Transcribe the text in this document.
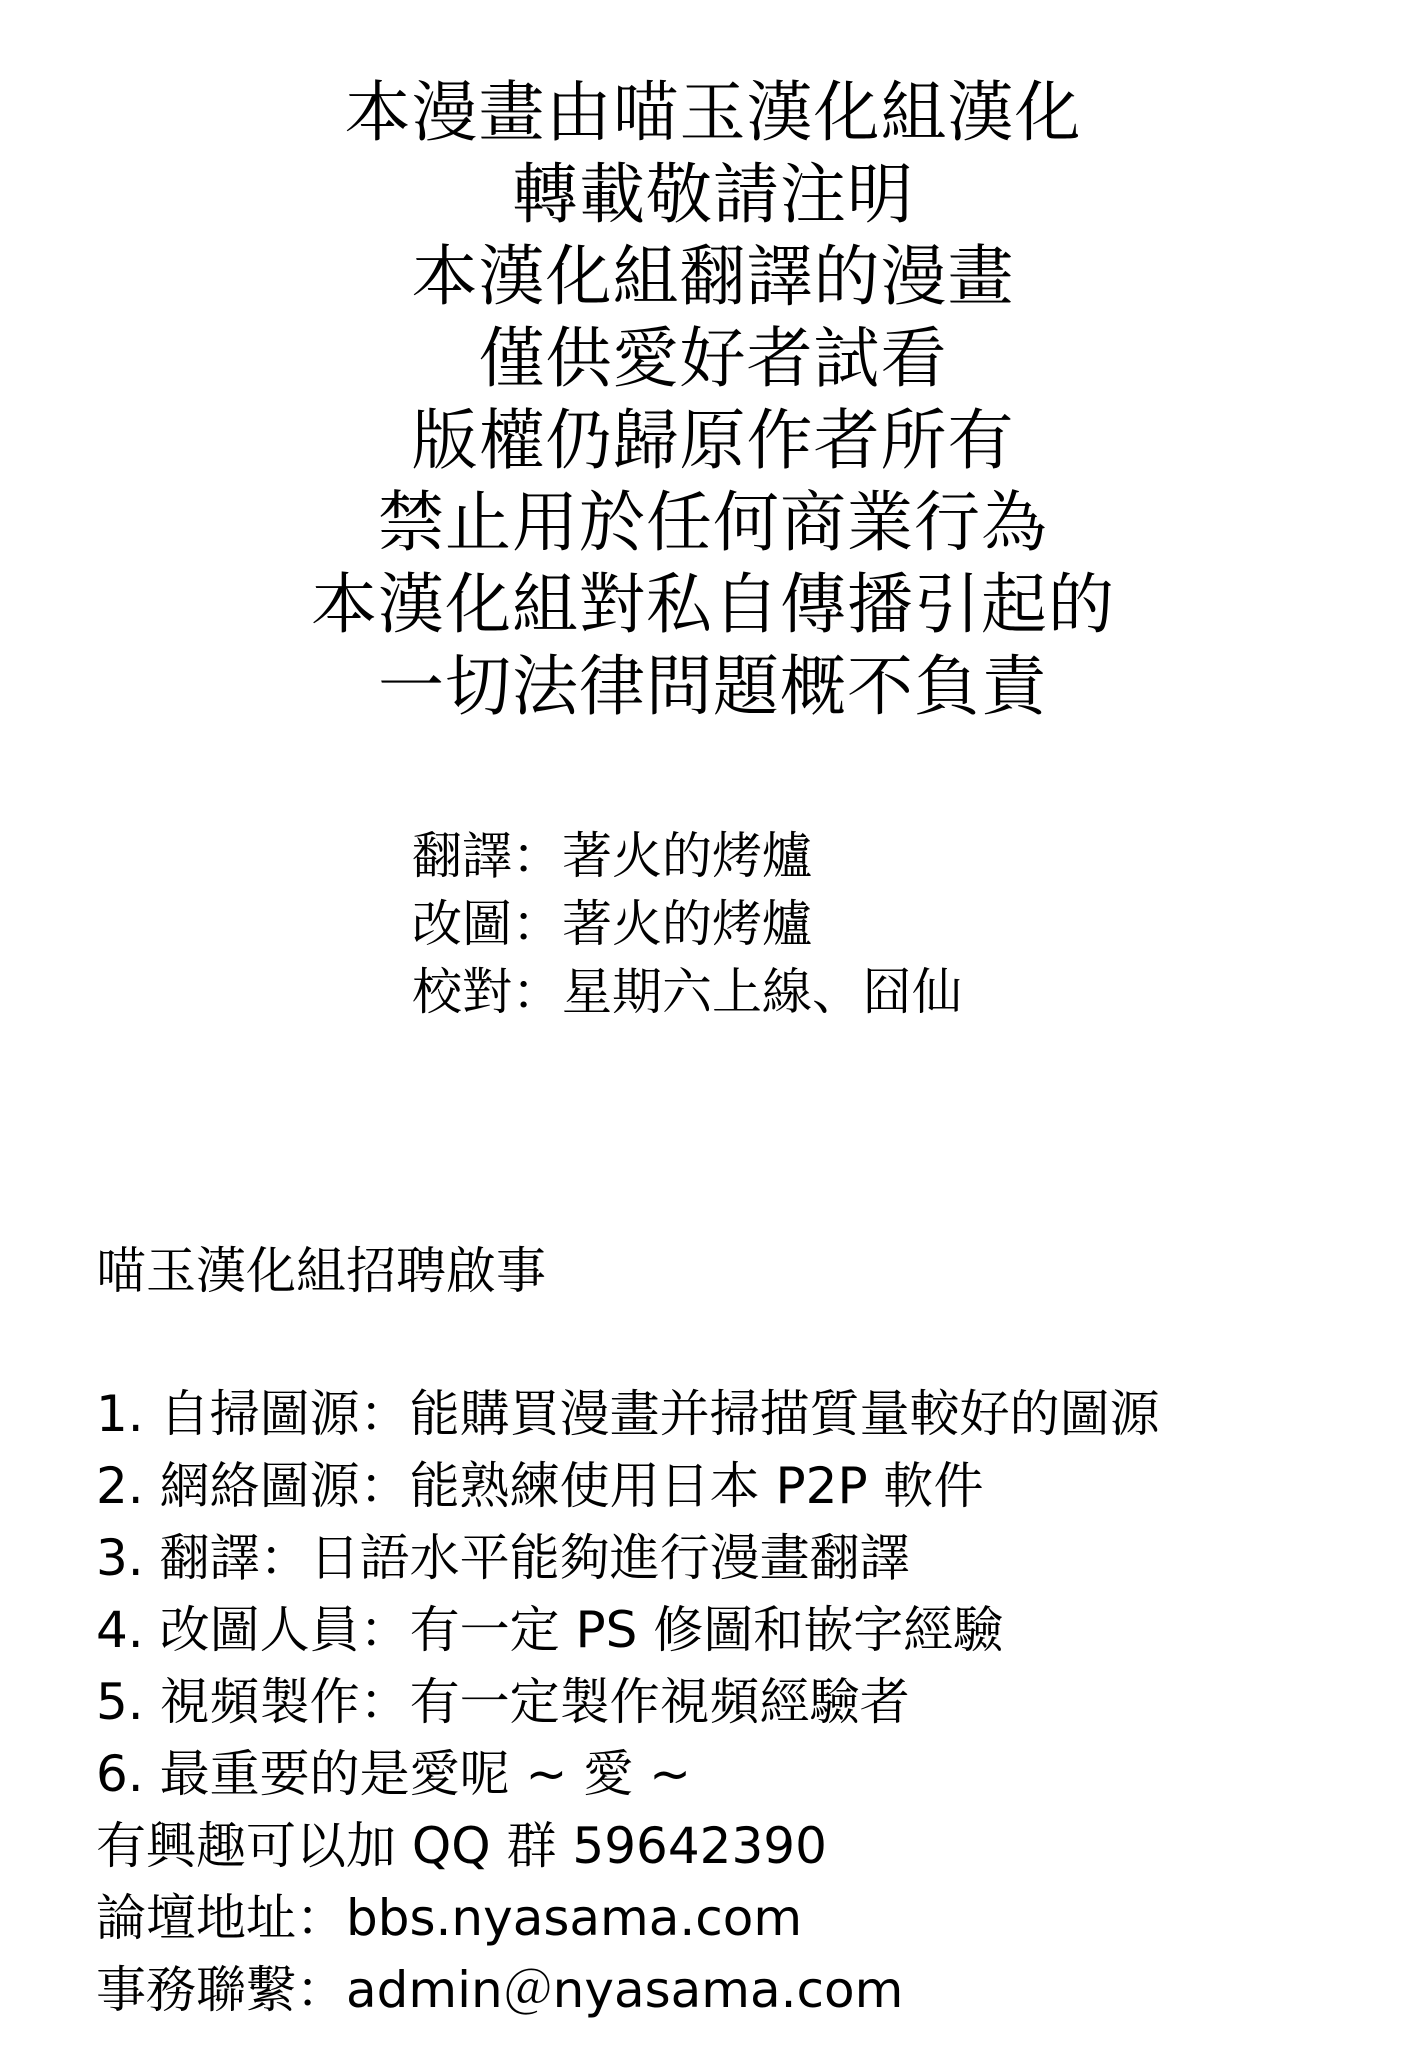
本漫畫由喵玉漢化組漢化
轉載敬請注明
本漢化組翻譯的漫畫
僅供愛好者試看
版權仍歸原作者所有
禁止用於任何商業行為
本漢化組對私自傳播引起的
一切法律問題概不負責
翻譯：著火的烤爐
改圖：著火的烤爐
校對：星期六上線、囧仙
喵玉漢化組招聘啟事
1. 自掃圖源：能購買漫畫并掃描質量較好的圖源
2. 網絡圖源：能熟練使用日本 P2P 軟件
3. 翻譯：日語水平能夠進行漫畫翻譯
4. 改圖人員：有一定 PS 修圖和嵌字經驗
5. 視頻製作：有一定製作視頻經驗者
6. 最重要的是愛呢 ~ 愛 ~
有興趣可以加 QQ 群 59642390
論壇地址：bbs.nyasama.com
事務聯繫：admin＠nyasama.com
